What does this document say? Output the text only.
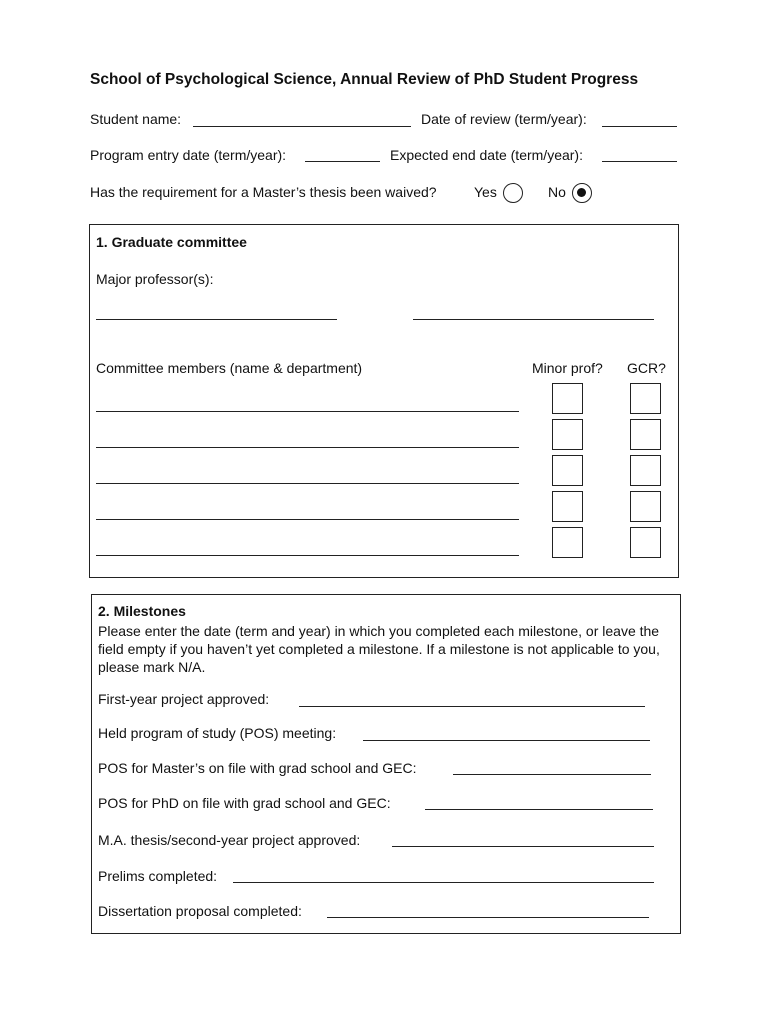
School of Psychological Science, Annual Review of PhD Student Progress
Student name:	Date of review (term/year):
Program entry date (term/year):	Expected end date (term/year):
Has the requirement for a Master’s thesis been waived?	Yes	No
1. Graduate committee
Major professor(s):
Committee members (name & department)	Minor prof? GCR?
2. Milestones
Please enter the date (term and year) in which you completed each milestone, or leave the field empty if you haven’t yet completed a milestone. If a milestone is not applicable to you, please mark N/A.
First-year project approved:
Held program of study (POS) meeting:
POS for Master’s on file with grad school and GEC:
POS for PhD on file with grad school and GEC:
M.A. thesis/second-year project approved:
Prelims completed:
Dissertation proposal completed:
